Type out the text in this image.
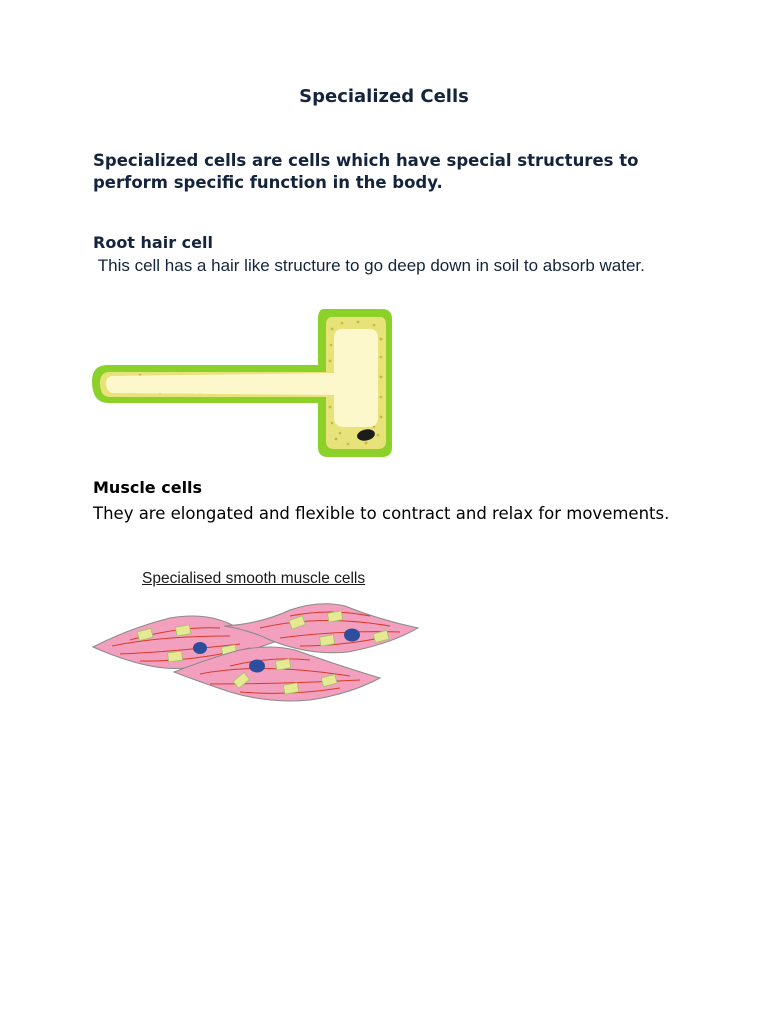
Specialized Cells
Specialized cells are cells which have special structures to perform specific function in the body.
Root hair cell
This cell has a hair like structure to go deep down in soil to absorb water.
Muscle cells
They are elongated and flexible to contract and relax for movements.
Specialised smooth muscle cells
